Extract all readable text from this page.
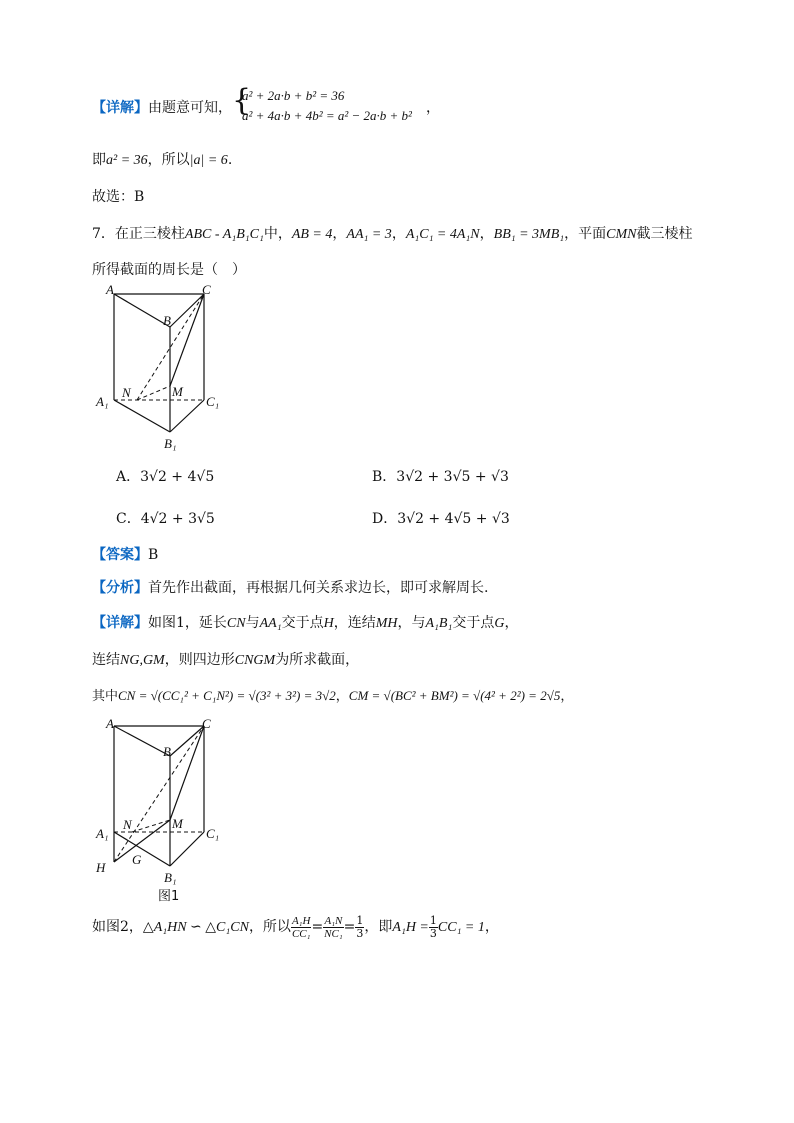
【详解】由题意可知， {
a² + 2a·b + b² = 36
a² + 4a·b + 4b² = a² − 2a·b + b² ，
即a² = 36，所以|a| = 6.
故选：B
7．在正三棱柱ABC - A₁B₁C₁中，AB = 4，AA₁ = 3，A₁C₁ = 4A₁N，BB₁ = 3MB₁，平面CMN截三棱柱
所得截面的周长是（　）
A	C
B
N	M
A₁	C₁
B₁
A．3√2 + 4√5	B．3√2 + 3√5 + √3
C．4√2 + 3√5	D．3√2 + 4√5 + √3
【答案】B
【分析】首先作出截面，再根据几何关系求边长，即可求解周长.
【详解】如图1，延长CN与AA₁交于点H，连结MH，与A₁B₁交于点G，
连结NG,GM，则四边形CNGM为所求截面，
其中CN = √(CC₁² + C₁N²) = √(3² + 3²) = 3√2，CM = √(BC² + BM²) = √(4² + 2²) = 2√5，
A	C
B
N	M
A₁	C₁
G
H
B₁
图1
如图2，△A₁HN ∽ △C₁CN，所以 $\frac{\text{A₁H}}{\text{CC₁}} = \frac{\text{A₁N}}{\text{NC₁}} = \frac{1}{3}$ ，即$A_1H = \frac{1}{3} CC_1 = 1$，
